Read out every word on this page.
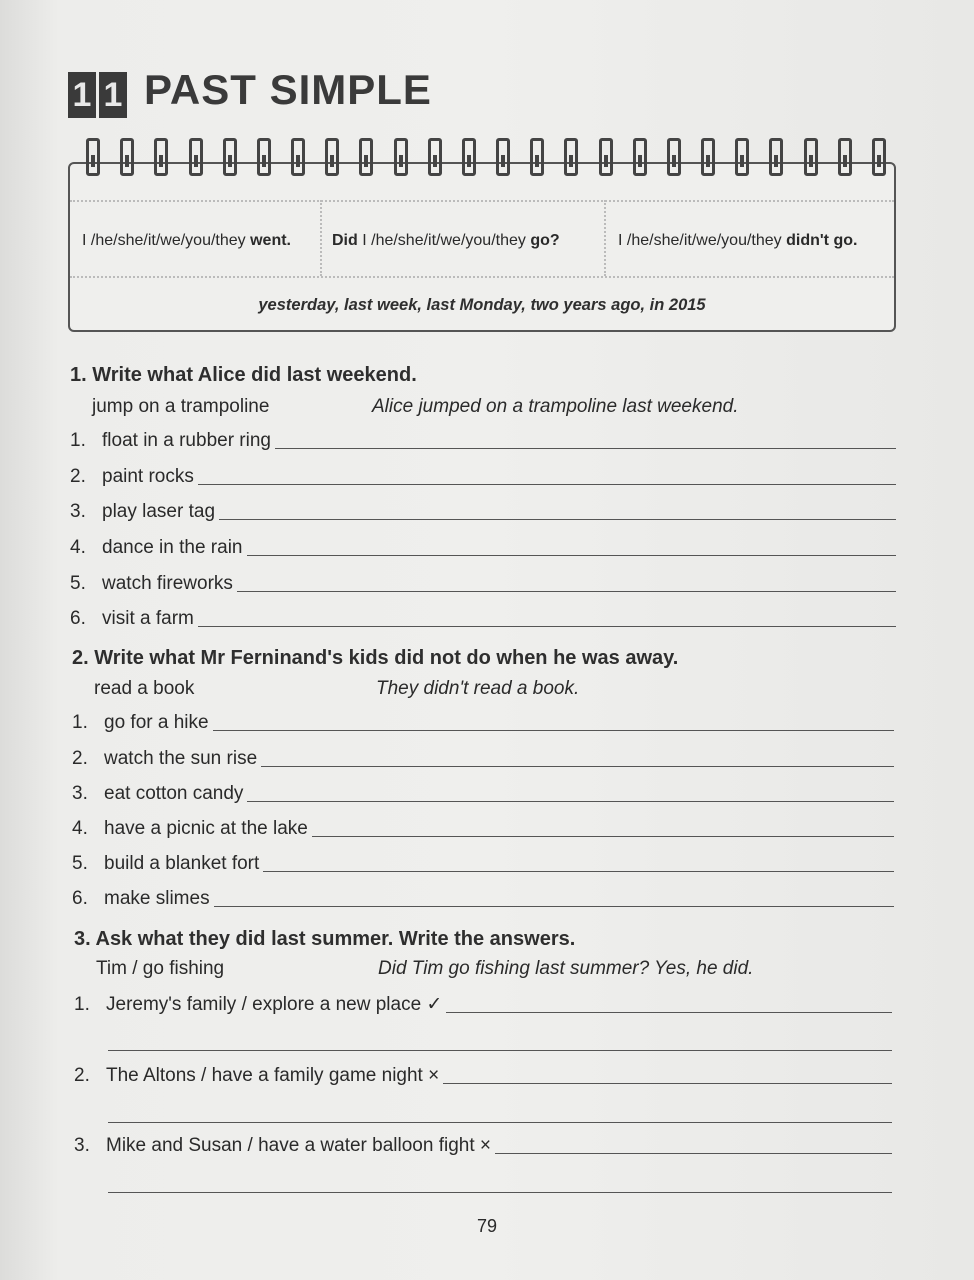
1 1 PAST SIMPLE
I /he/she/it/we/you/they went.	Did I /he/she/it/we/you/they go?	I /he/she/it/we/you/they didn't go.
yesterday, last week, last Monday, two years ago, in 2015
1. Write what Alice did last weekend.
jump on a trampoline	Alice jumped on a trampoline last weekend.
1. float in a rubber ring
2. paint rocks
3. play laser tag
4. dance in the rain
5. watch fireworks
6. visit a farm
2. Write what Mr Ferninand's kids did not do when he was away.
read a book	They didn't read a book.
1. go for a hike
2. watch the sun rise
3. eat cotton candy
4. have a picnic at the lake
5. build a blanket fort
6. make slimes
3. Ask what they did last summer. Write the answers.
Tim / go fishing	Did Tim go fishing last summer? Yes, he did.
1. Jeremy's family / explore a new place ✓
2. The Altons / have a family game night ×
3. Mike and Susan / have a water balloon fight ×
79
